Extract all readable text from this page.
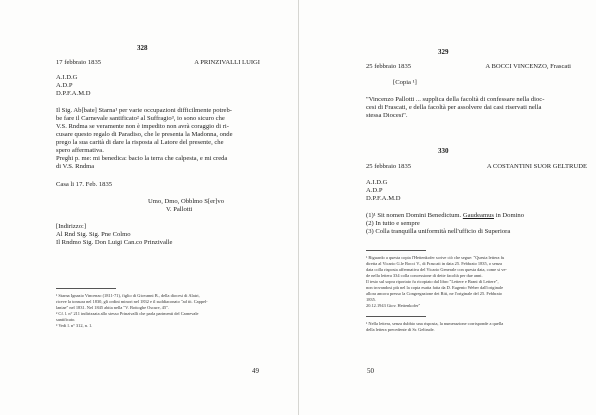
328
17 febbraio 1835	A PRINZIVALLI LUIGI
A.I.D.G
A.D.P
D.P.F.A.M.D
Il Sig. Ab[bate] Starna¹ per varie occupazioni difficilmente potreb-
be fare il Carnevale santificato² al Suffragio³, io sono sicuro che
V.S. Rndma se veramente non è impedito non avrà coraggio di ri-
cusare questo regalo di Paradiso, che le presenta la Madonna, onde
prego la sua carità di dare la risposta al Latore del presente, che
spero affermativa.
Preghi p. me: mi benedica: bacio la terra che calpesta, e mi creda
di V.S. Rndma
Casa li 17. Feb. 1835
Umo, Dmo, Obblmo S[er]vo
V. Pallotti
[Indirizzo:]
Al Rnd Sig. Sig. Pne Colmo
Il Rndmo Sig. Don Luigi Can.co Prinzivalle
¹ Starna Ignazio Vincenzo (1811-71), figlio di Giovanni B., della diocesi di Alatri,
riceve la tonsura nel 1830, gli ordini minori nel 1832 e il suddiaconato "ad tit. Cappel-
laniae" nel 1831. Nel 1845 abita nella "V. Bottoghe Oscure, 45".
² Cf. l. n° 211 indirizzata allo stesso Prinzivalli che parla parimenti del Carnevale
santificato.
³ Vedi l. n° 312, n. 1.
49
329
25 febbraio 1835	A BOCCI VINCENZO, Frascati
[Copia ¹]
"Vincenzo Pallotti ... supplica della facoltà di confessare nella dioc-
cesi di Frascati, e della facoltà per assolvere dai casi riservati nella
stessa Diocesi".
330
25 febbraio 1835	A COSTANTINI SUOR GELTRUDE
A.I.D.G
A.D.P
D.P.F.A.M.D
(1)¹ Sit nomen Domini Benedictum. Gaudeamus in Domino
(2) In tutto e sempre
(3) Colla tranquilla uniformità nell'ufficio di Superiora
¹ Riguardo a questa copia l'Hettenkofer scrive ciò che segue: "Questa lettera fu
diretta al Vicario G.le Bocci V., di Frascati in data 25. Febbraio 1835, o senza
data colla risposta affermativa del Vicario Generale con questa data, come si ve-
de nella lettera 334 colla concessione di dette facoltà per due anni.
Il testo sul sopra riportato fu ricopiato dal libro "Lettere e Brani di Lettere",
non trovandosi più nel la copia esatta fatta da D. Eugenio Weber dall'originale
allora ancora presso la Congregazione dei Riti, ne l'originale del 25. Febbraio
1835.
20.12.1943 Giov. Hettenkofer"
¹ Nella lettera, senza dubbio una risposta, la numerazione corrisponde a quella
della lettera precedente di Sr. Geltrude.
50
